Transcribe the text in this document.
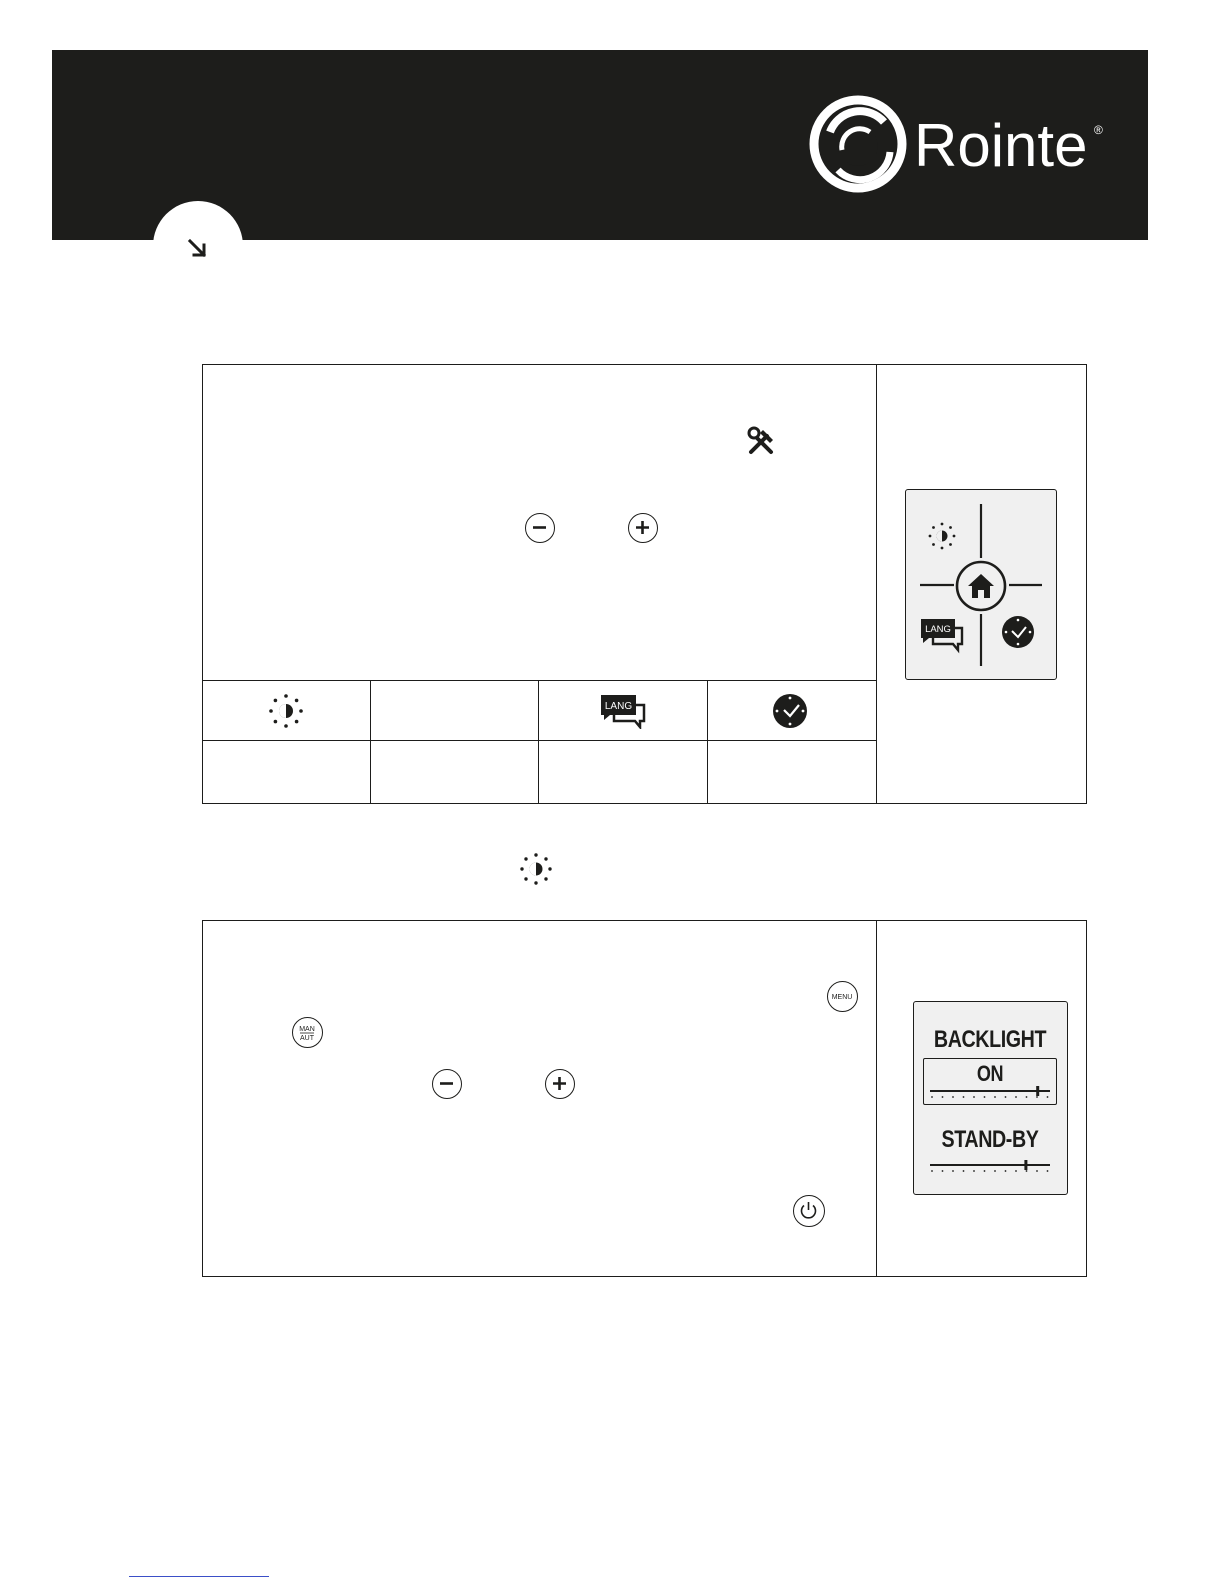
Rointe ®
LANG
LANG
MENU
MAN
AUT	BACKLIGHT
ON
STAND-BY
